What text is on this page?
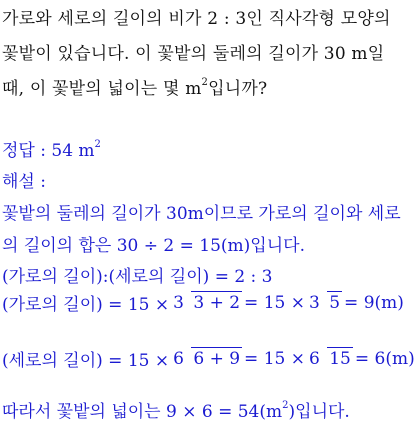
가로와 세로의 길이의 비가 2 : 3인 직사각형 모양의
꽃밭이 있습니다. 이 꽃밭의 둘레의 길이가 30 m일
때, 이 꽃밭의 넓이는 몇 $m^2$입니까?
정답 : 54 $m^2$
해설 :
꽃밭의 둘레의 길이가 30m이므로 가로의 길이와 세로
의 길이의 합은 30 ÷ 2 = 15(m)입니다.
(가로의 길이):(세로의 길이) = 2 : 3
(가로의 길이) = 15 × 3 3 + 2 = 15 × 3 5 = 9(m)
(세로의 길이) = 15 × 6 6 + 9 = 15 × 6 15 = 6(m)
따라서 꽃밭의 넓이는 $9 \times 6 = 54(m^2)$입니다.
